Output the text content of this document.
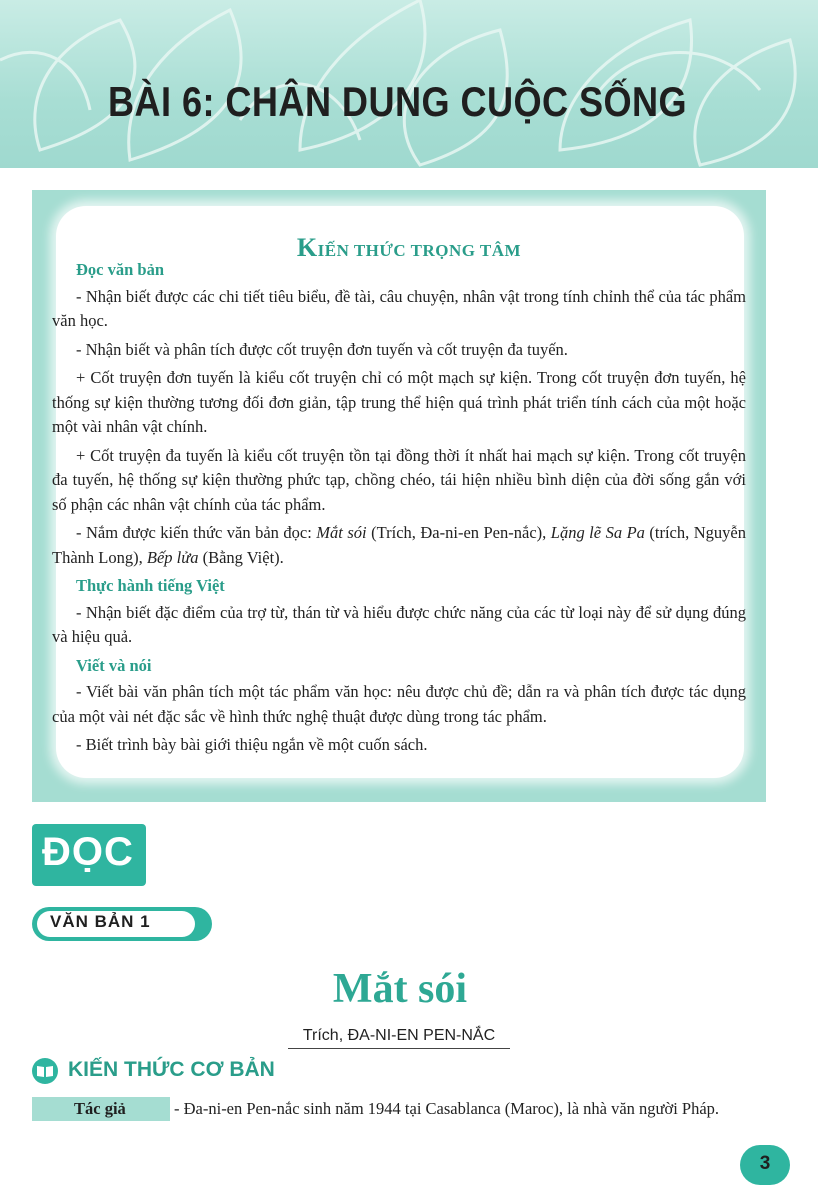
BÀI 6: CHÂN DUNG CUỘC SỐNG
KIẾN THỨC TRỌNG TÂM

Đọc văn bản

- Nhận biết được các chi tiết tiêu biểu, đề tài, câu chuyện, nhân vật trong tính chỉnh thể của tác phẩm văn học.

- Nhận biết và phân tích được cốt truyện đơn tuyến và cốt truyện đa tuyến.

+ Cốt truyện đơn tuyến là kiểu cốt truyện chỉ có một mạch sự kiện. Trong cốt truyện đơn tuyến, hệ thống sự kiện thường tương đối đơn giản, tập trung thể hiện quá trình phát triển tính cách của một hoặc một vài nhân vật chính.

+ Cốt truyện đa tuyến là kiểu cốt truyện tồn tại đồng thời ít nhất hai mạch sự kiện. Trong cốt truyện đa tuyến, hệ thống sự kiện thường phức tạp, chồng chéo, tái hiện nhiều bình diện của đời sống gắn với số phận các nhân vật chính của tác phẩm.

- Nắm được kiến thức văn bản đọc: Mắt sói (Trích, Đa-ni-en Pen-nắc), Lặng lẽ Sa Pa (trích, Nguyễn Thành Long), Bếp lửa (Bằng Việt).

Thực hành tiếng Việt

- Nhận biết đặc điểm của trợ từ, thán từ và hiểu được chức năng của các từ loại này để sử dụng đúng và hiệu quả.

Viết và nói

- Viết bài văn phân tích một tác phẩm văn học: nêu được chủ đề; dẫn ra và phân tích được tác dụng của một vài nét đặc sắc về hình thức nghệ thuật được dùng trong tác phẩm.

- Biết trình bày bài giới thiệu ngắn về một cuốn sách.

ĐỌC
VĂN BẢN 1
Mắt sói
Trích, ĐA-NI-EN PEN-NẮC
KIẾN THỨC CƠ BẢN
Tác giả	- Đa-ni-en Pen-nắc sinh năm 1944 tại Casablanca (Maroc), là nhà văn người Pháp.
3
